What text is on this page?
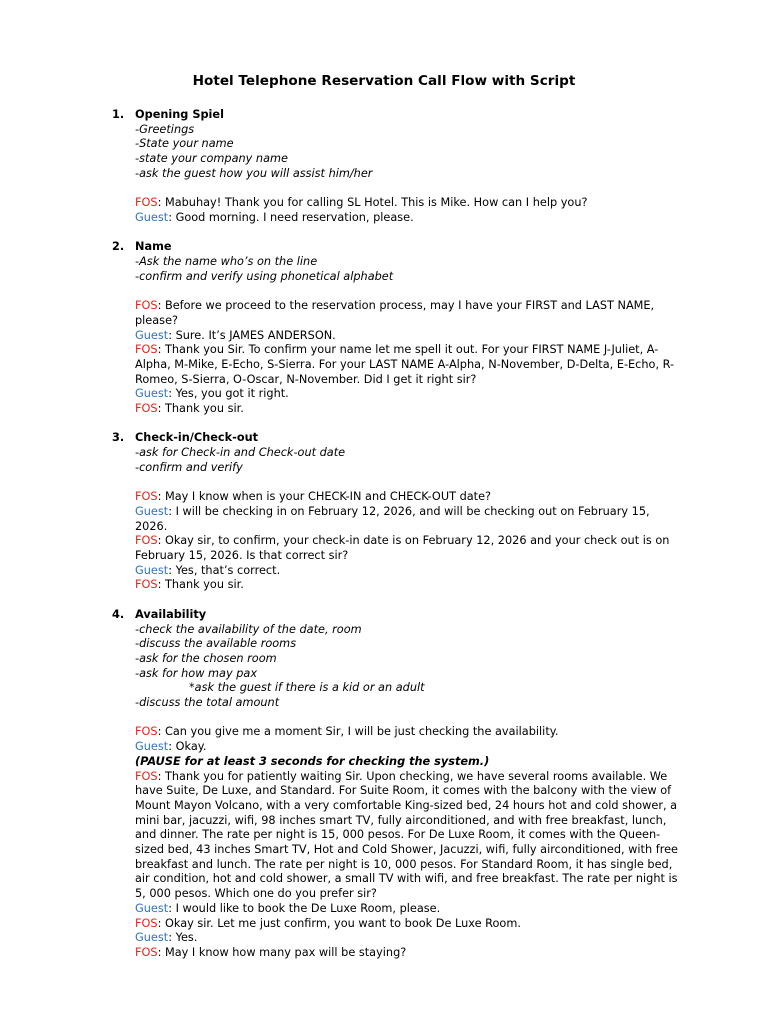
Hotel Telephone Reservation Call Flow with Script
1. Opening Spiel
-Greetings
-State your name
-state your company name
-ask the guest how you will assist him/her
FOS: Mabuhay! Thank you for calling SL Hotel. This is Mike. How can I help you?
Guest: Good morning. I need reservation, please.
2. Name
-Ask the name who’s on the line
-confirm and verify using phonetical alphabet
FOS: Before we proceed to the reservation process, may I have your FIRST and LAST NAME, please?
Guest: Sure. It’s JAMES ANDERSON.
FOS: Thank you Sir. To confirm your name let me spell it out. For your FIRST NAME J-Juliet, A-Alpha, M-Mike, E-Echo, S-Sierra. For your LAST NAME A-Alpha, N-November, D-Delta, E-Echo, R-Romeo, S-Sierra, O-Oscar, N-November. Did I get it right sir?
Guest: Yes, you got it right.
FOS: Thank you sir.
3. Check-in/Check-out
-ask for Check-in and Check-out date
-confirm and verify
FOS: May I know when is your CHECK-IN and CHECK-OUT date?
Guest: I will be checking in on February 12, 2026, and will be checking out on February 15, 2026.
FOS: Okay sir, to confirm, your check-in date is on February 12, 2026 and your check out is on February 15, 2026. Is that correct sir?
Guest: Yes, that’s correct.
FOS: Thank you sir.
4. Availability
-check the availability of the date, room
-discuss the available rooms
-ask for the chosen room
-ask for how may pax
*ask the guest if there is a kid or an adult
-discuss the total amount
FOS: Can you give me a moment Sir, I will be just checking the availability.
Guest: Okay.
(PAUSE for at least 3 seconds for checking the system.)
FOS: Thank you for patiently waiting Sir. Upon checking, we have several rooms available. We have Suite, De Luxe, and Standard. For Suite Room, it comes with the balcony with the view of Mount Mayon Volcano, with a very comfortable King-sized bed, 24 hours hot and cold shower, a mini bar, jacuzzi, wifi, 98 inches smart TV, fully airconditioned, and with free breakfast, lunch, and dinner. The rate per night is 15, 000 pesos. For De Luxe Room, it comes with the Queen-sized bed, 43 inches Smart TV, Hot and Cold Shower, Jacuzzi, wifi, fully airconditioned, with free breakfast and lunch. The rate per night is 10, 000 pesos. For Standard Room, it has single bed, air condition, hot and cold shower, a small TV with wifi, and free breakfast. The rate per night is 5, 000 pesos. Which one do you prefer sir?
Guest: I would like to book the De Luxe Room, please.
FOS: Okay sir. Let me just confirm, you want to book De Luxe Room.
Guest: Yes.
FOS: May I know how many pax will be staying?
